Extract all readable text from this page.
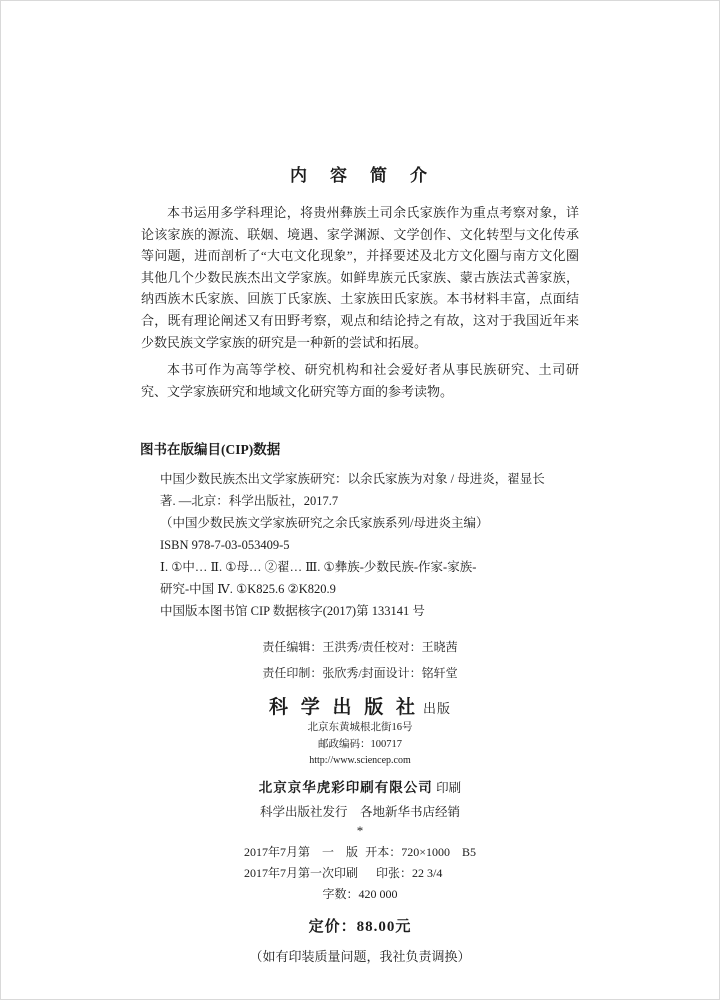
内　容　简　介

本书运用多学科理论，将贵州彝族土司余氏家族作为重点考察对象，详论该家族的源流、联姻、境遇、家学渊源、文学创作、文化转型与文化传承等问题，进而剖析了“大屯文化现象”，并择要述及北方文化圈与南方文化圈其他几个少数民族杰出文学家族。如鲜卑族元氏家族、蒙古族法式善家族，纳西族木氏家族、回族丁氏家族、土家族田氏家族。本书材料丰富，点面结合，既有理论阐述又有田野考察，观点和结论持之有故，这对于我国近年来少数民族文学家族的研究是一种新的尝试和拓展。

本书可作为高等学校、研究机构和社会爱好者从事民族研究、土司研究、文学家族研究和地域文化研究等方面的参考读物。

图书在版编目(CIP)数据
中国少数民族杰出文学家族研究：以余氏家族为对象 / 母进炎，翟显长
著. —北京：科学出版社，2017.7
（中国少数民族文学家族研究之余氏家族系列/母进炎主编）
ISBN 978-7-03-053409-5
Ⅰ. ①中… Ⅱ. ①母… ②翟… Ⅲ. ①彝族-少数民族-作家-家族-
研究-中国 Ⅳ. ①K825.6 ②K820.9
中国版本图书馆 CIP 数据核字(2017)第 133141 号
责任编辑：王洪秀/责任校对：王晓茜
责任印制：张欣秀/封面设计：铭轩堂
科 学 出 版 社 出版
北京东黄城根北街16号
邮政编码：100717
http://www.sciencep.com
北京京华虎彩印刷有限公司 印刷
科学出版社发行　各地新华书店经销
*
2017年7月第　一　版 开本：720×1000　B5
2017年7月第一次印刷	印张：22 3/4
字数：420 000
定价：88.00元
（如有印装质量问题，我社负责调换）
